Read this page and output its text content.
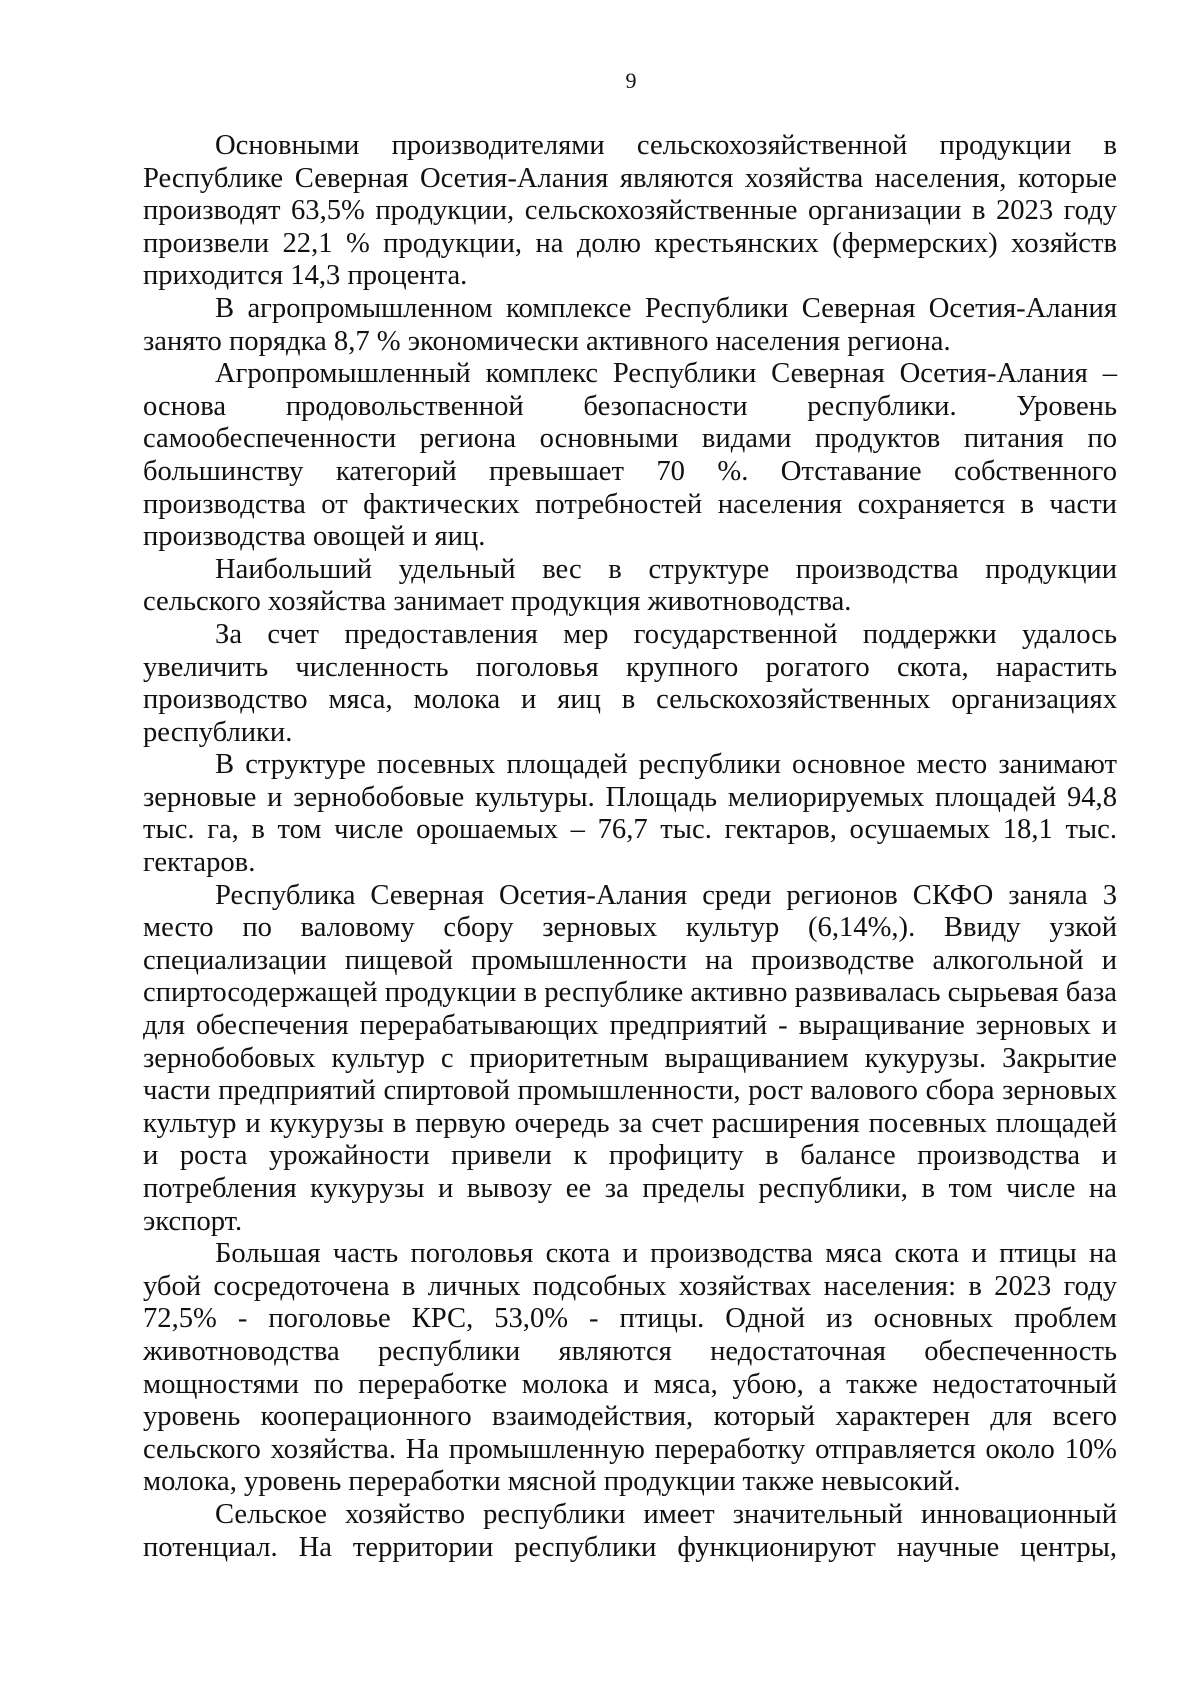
9

Основными производителями сельскохозяйственной продукции в Республике Северная Осетия-Алания являются хозяйства населения, которые производят 63,5% продукции, сельскохозяйственные организации в 2023 году произвели 22,1 % продукции, на долю крестьянских (фермерских) хозяйств приходится 14,3 процента.

В агропромышленном комплексе Республики Северная Осетия-Алания занято порядка 8,7 % экономически активного населения региона.

Агропромышленный комплекс Республики Северная Осетия-Алания – основа продовольственной безопасности республики. Уровень самообеспеченности региона основными видами продуктов питания по большинству категорий превышает 70 %. Отставание собственного производства от фактических потребностей населения сохраняется в части производства овощей и яиц.

Наибольший удельный вес в структуре производства продукции сельского хозяйства занимает продукция животноводства.

За счет предоставления мер государственной поддержки удалось увеличить численность поголовья крупного рогатого скота, нарастить производство мяса, молока и яиц в сельскохозяйственных организациях республики.

В структуре посевных площадей республики основное место занимают зерновые и зернобобовые культуры. Площадь мелиорируемых площадей 94,8 тыс. га, в том числе орошаемых – 76,7 тыс. гектаров, осушаемых 18,1 тыс. гектаров.

Республика Северная Осетия-Алания среди регионов СКФО заняла 3 место по валовому сбору зерновых культур (6,14%,). Ввиду узкой специализации пищевой промышленности на производстве алкогольной и спиртосодержащей продукции в республике активно развивалась сырьевая база для обеспечения перерабатывающих предприятий - выращивание зерновых и зернобобовых культур с приоритетным выращиванием кукурузы. Закрытие части предприятий спиртовой промышленности, рост валового сбора зерновых культур и кукурузы в первую очередь за счет расширения посевных площадей и роста урожайности привели к профициту в балансе производства и потребления кукурузы и вывозу ее за пределы республики, в том числе на экспорт.

Большая часть поголовья скота и производства мяса скота и птицы на убой сосредоточена в личных подсобных хозяйствах населения: в 2023 году 72,5% - поголовье КРС, 53,0% - птицы. Одной из основных проблем животноводства республики являются недостаточная обеспеченность мощностями по переработке молока и мяса, убою, а также недостаточный уровень кооперационного взаимодействия, который характерен для всего сельского хозяйства. На промышленную переработку отправляется около 10% молока, уровень переработки мясной продукции также невысокий.

Сельское хозяйство республики имеет значительный инновационный потенциал. На территории республики функционируют научные центры,
